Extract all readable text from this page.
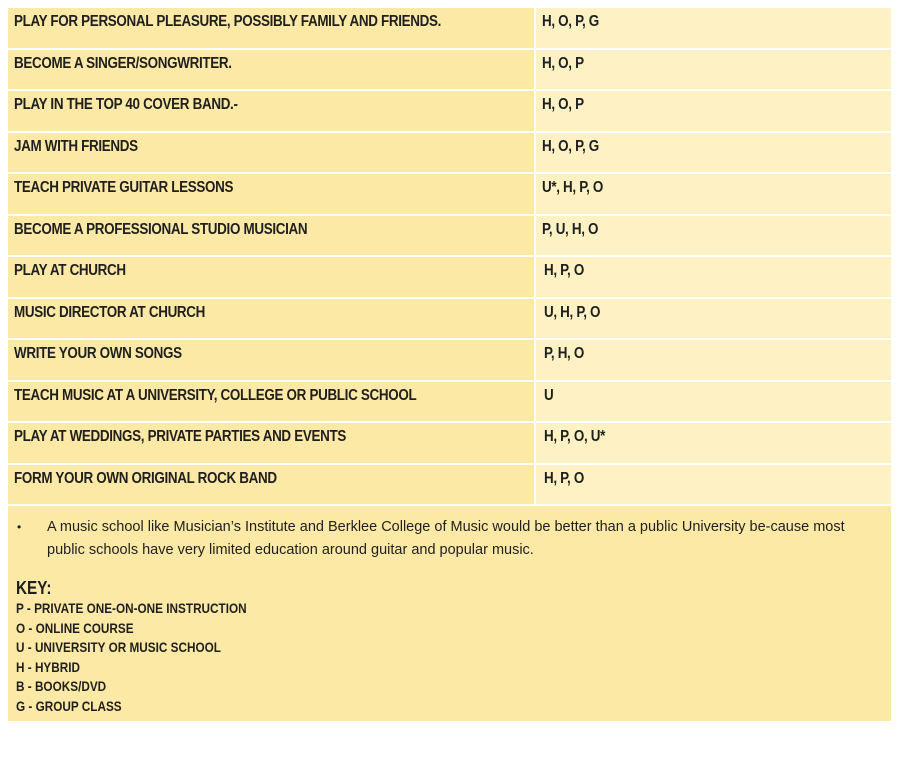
PLAY FOR PERSONAL PLEASURE, POSSIBLY FAMILY AND FRIENDS.	H, O, P, G
BECOME A SINGER/SONGWRITER.	H, O, P
PLAY IN THE TOP 40 COVER BAND.-	H, O, P
JAM WITH FRIENDS	H, O, P, G
TEACH PRIVATE GUITAR LESSONS	U*, H, P, O
BECOME A PROFESSIONAL STUDIO MUSICIAN	P, U, H, O
PLAY AT CHURCH	H, P, O
MUSIC DIRECTOR AT CHURCH	U, H, P, O
WRITE YOUR OWN SONGS	P, H, O
TEACH MUSIC AT A UNIVERSITY, COLLEGE OR PUBLIC SCHOOL	U
PLAY AT WEDDINGS, PRIVATE PARTIES AND EVENTS	H, P, O, U*
FORM YOUR OWN ORIGINAL ROCK BAND	H, P, O
•	A music school like Musician’s Institute and Berklee College of Music would be better than a public University be-cause most public schools have very limited education around guitar and popular music.
KEY:
P - PRIVATE ONE-ON-ONE INSTRUCTION
O - ONLINE COURSE
U - UNIVERSITY OR MUSIC SCHOOL
H - HYBRID
B - BOOKS/DVD
G - GROUP CLASS
